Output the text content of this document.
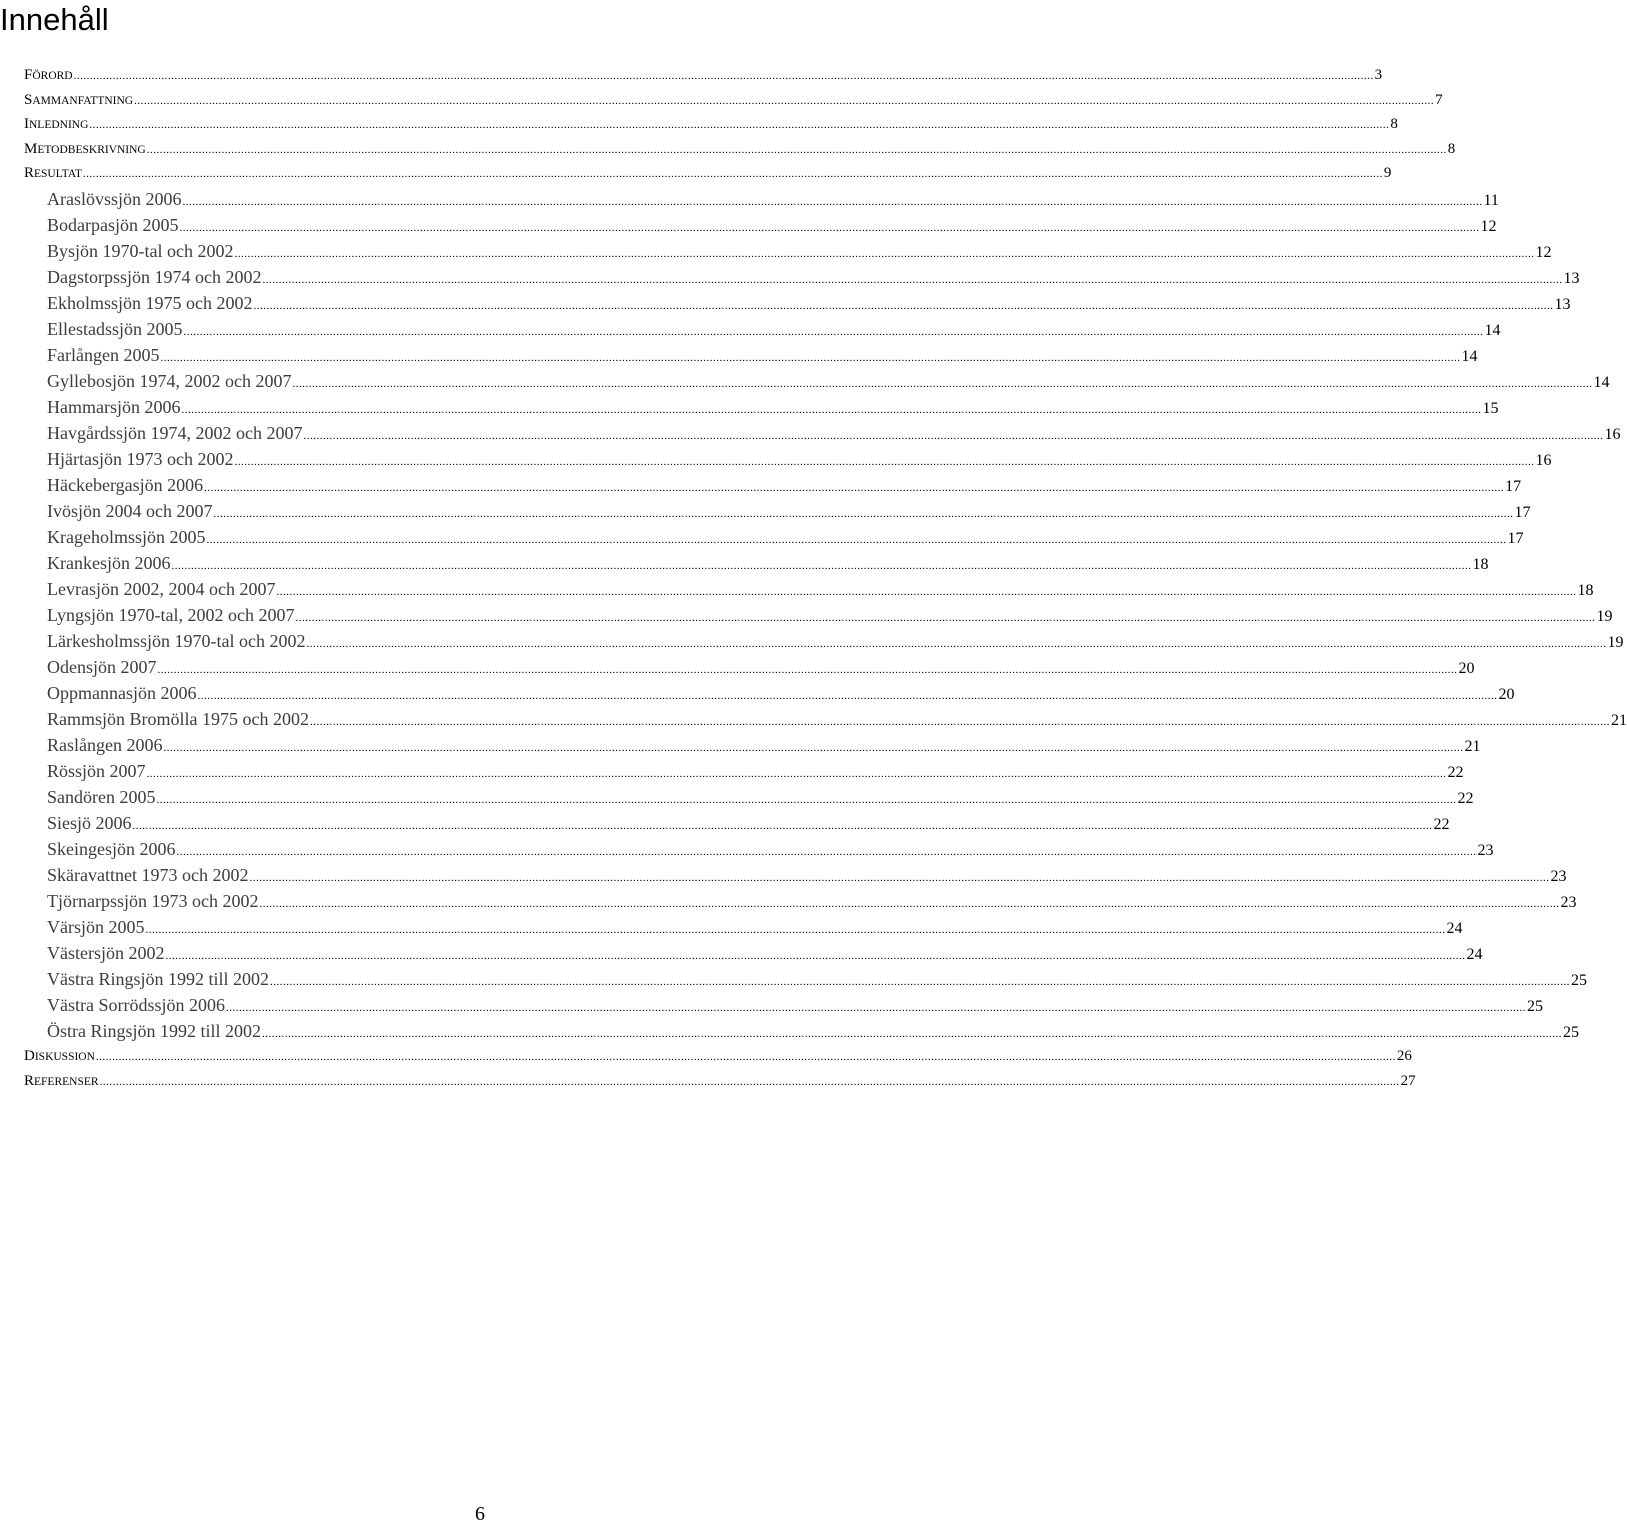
Innehåll
FÖRORD ................................................................................................................................................................................................................................................................................................................................................................................................................ 3
SAMMANFATTNING ................................................................................................................................................................................................................................................................................................................................................................................................................ 7
INLEDNING ................................................................................................................................................................................................................................................................................................................................................................................................................ 8
METODBESKRIVNING ................................................................................................................................................................................................................................................................................................................................................................................................................ 8
RESULTAT ................................................................................................................................................................................................................................................................................................................................................................................................................ 9
Araslövssjön 2006 ................................................................................................................................................................................................................................................................................................................................................................................................................ 11
Bodarpasjön 2005 ................................................................................................................................................................................................................................................................................................................................................................................................................ 12
Bysjön 1970-tal och 2002 ................................................................................................................................................................................................................................................................................................................................................................................................................ 12
Dagstorpssjön 1974 och 2002 ................................................................................................................................................................................................................................................................................................................................................................................................................ 13
Ekholmssjön 1975 och 2002 ................................................................................................................................................................................................................................................................................................................................................................................................................ 13
Ellestadssjön 2005 ................................................................................................................................................................................................................................................................................................................................................................................................................ 14
Farlången 2005 ................................................................................................................................................................................................................................................................................................................................................................................................................ 14
Gyllebosjön 1974, 2002 och 2007 ................................................................................................................................................................................................................................................................................................................................................................................................................ 14
Hammarsjön 2006 ................................................................................................................................................................................................................................................................................................................................................................................................................ 15
Havgårdssjön 1974, 2002 och 2007 ................................................................................................................................................................................................................................................................................................................................................................................................................ 16
Hjärtasjön 1973 och 2002 ................................................................................................................................................................................................................................................................................................................................................................................................................ 16
Häckebergasjön 2006 ................................................................................................................................................................................................................................................................................................................................................................................................................ 17
Ivösjön 2004 och 2007 ................................................................................................................................................................................................................................................................................................................................................................................................................ 17
Krageholmssjön 2005 ................................................................................................................................................................................................................................................................................................................................................................................................................ 17
Krankesjön 2006 ................................................................................................................................................................................................................................................................................................................................................................................................................ 18
Levrasjön 2002, 2004 och 2007 ................................................................................................................................................................................................................................................................................................................................................................................................................ 18
Lyngsjön 1970-tal, 2002 och 2007 ................................................................................................................................................................................................................................................................................................................................................................................................................ 19
Lärkesholmssjön 1970-tal och 2002 ................................................................................................................................................................................................................................................................................................................................................................................................................ 19
Odensjön 2007 ................................................................................................................................................................................................................................................................................................................................................................................................................ 20
Oppmannasjön 2006 ................................................................................................................................................................................................................................................................................................................................................................................................................ 20
Rammsjön Bromölla 1975 och 2002 ................................................................................................................................................................................................................................................................................................................................................................................................................ 21
Raslången 2006 ................................................................................................................................................................................................................................................................................................................................................................................................................ 21
Rössjön 2007 ................................................................................................................................................................................................................................................................................................................................................................................................................ 22
Sandören 2005 ................................................................................................................................................................................................................................................................................................................................................................................................................ 22
Siesjö 2006 ................................................................................................................................................................................................................................................................................................................................................................................................................ 22
Skeingesjön 2006 ................................................................................................................................................................................................................................................................................................................................................................................................................ 23
Skäravattnet 1973 och 2002 ................................................................................................................................................................................................................................................................................................................................................................................................................ 23
Tjörnarpssjön 1973 och 2002 ................................................................................................................................................................................................................................................................................................................................................................................................................ 23
Värsjön 2005 ................................................................................................................................................................................................................................................................................................................................................................................................................ 24
Västersjön 2002 ................................................................................................................................................................................................................................................................................................................................................................................................................ 24
Västra Ringsjön 1992 till 2002 ................................................................................................................................................................................................................................................................................................................................................................................................................ 25
Västra Sorrödssjön 2006 ................................................................................................................................................................................................................................................................................................................................................................................................................ 25
Östra Ringsjön 1992 till 2002 ................................................................................................................................................................................................................................................................................................................................................................................................................ 25
DISKUSSION ................................................................................................................................................................................................................................................................................................................................................................................................................ 26
REFERENSER ................................................................................................................................................................................................................................................................................................................................................................................................................ 27
6
